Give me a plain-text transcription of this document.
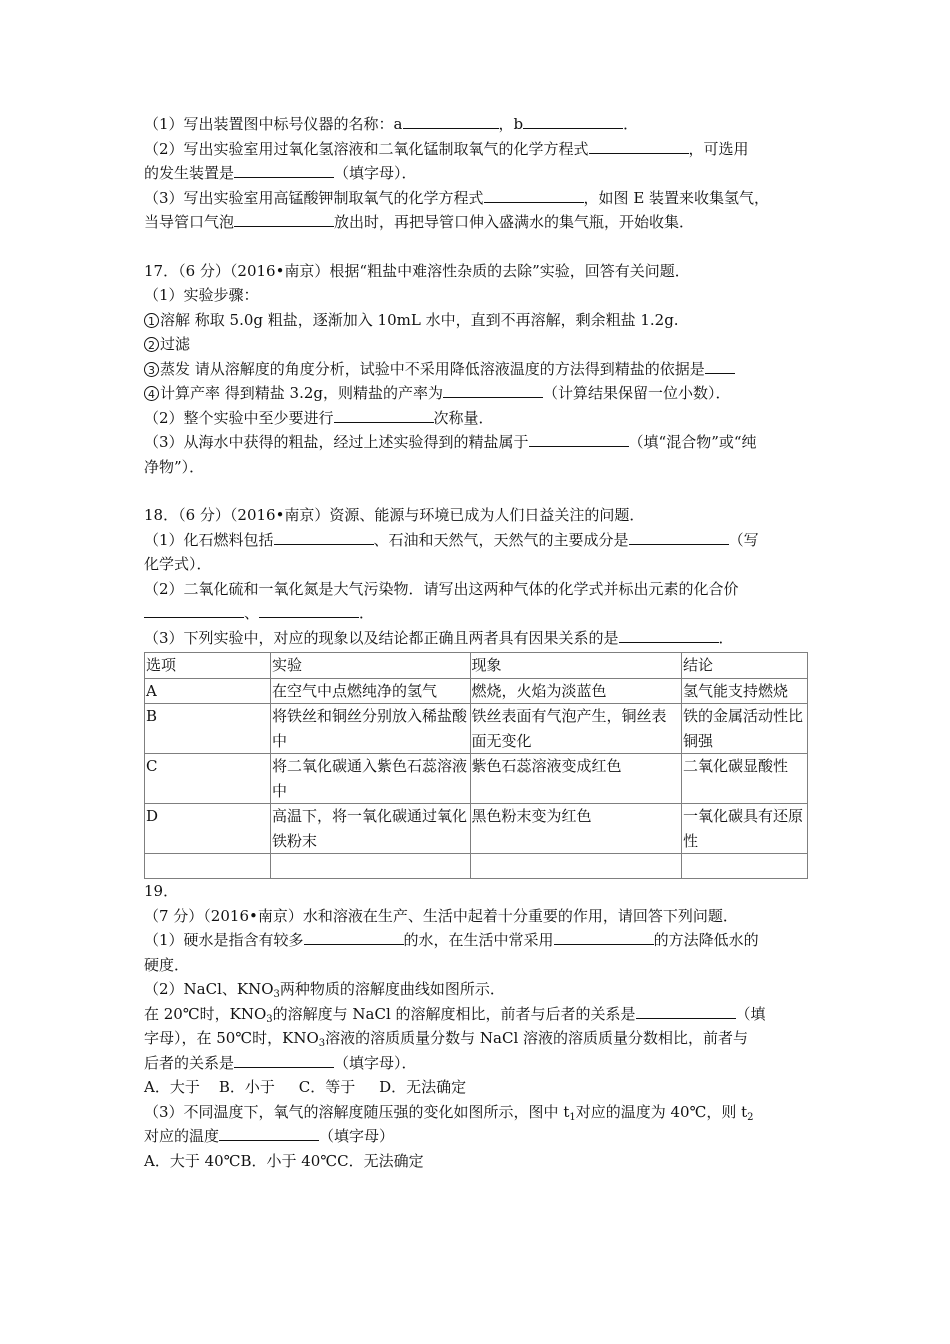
（1）写出装置图中标号仪器的名称：a	，b	．
（2）写出实验室用过氧化氢溶液和二氧化锰制取氧气的化学方程式	，可选用
的发生装置是	（填字母）．
（3）写出实验室用高锰酸钾制取氧气的化学方程式	，如图 E 装置来收集氢气，
当导管口气泡	放出时，再把导管口伸入盛满水的集气瓶，开始收集．
17．（6 分）（2016•南京）根据“粗盐中难溶性杂质的去除”实验，回答有关问题．
（1）实验步骤：
1 溶解 称取 5.0g 粗盐，逐渐加入 10mL 水中，直到不再溶解，剩余粗盐 1.2g.
2 过滤
3 蒸发 请从溶解度的角度分析，试验中不采用降低溶液温度的方法得到精盐的依据是
4 计算产率 得到精盐 3.2g，则精盐的产率为	（计算结果保留一位小数）．
（2）整个实验中至少要进行	次称量．
（3）从海水中获得的粗盐，经过上述实验得到的精盐属于	（填“混合物”或“纯
净物”）．
18．（6 分）（2016•南京）资源、能源与环境已成为人们日益关注的问题．
（1）化石燃料包括	、石油和天然气，天然气的主要成分是	（写
化学式）．
（2）二氧化硫和一氧化氮是大气污染物．请写出这两种气体的化学式并标出元素的化合价
、	．
（3）下列实验中，对应的现象以及结论都正确且两者具有因果关系的是	．
选项	实验	现象	结论
A	在空气中点燃纯净的氢气	燃烧，火焰为淡蓝色	氢气能支持燃烧
B	将铁丝和铜丝分别放入稀盐酸中	铁丝表面有气泡产生，铜丝表面无变化	铁的金属活动性比铜强
C	将二氧化碳通入紫色石蕊溶液中	紫色石蕊溶液变成红色	二氧化碳显酸性
D	高温下，将一氧化碳通过氧化铁粉末	黑色粉末变为红色	一氧化碳具有还原性

19．
（7 分）（2016•南京）水和溶液在生产、生活中起着十分重要的作用，请回答下列问题．
（1）硬水是指含有较多	的水，在生活中常采用	的方法降低水的
硬度．
（2）NaCl、$KNO_3$两种物质的溶解度曲线如图所示．
在 20℃时，$KNO_3$的溶解度与 NaCl 的溶解度相比，前者与后者的关系是	（填
字母），在 50℃时，$KNO_3$溶液的溶质质量分数与 NaCl 溶液的溶质质量分数相比，前者与
后者的关系是	（填字母）．
A．大于    B．小于     C．等于     D．无法确定
（3）不同温度下，氧气的溶解度随压强的变化如图所示，图中 $t_1$对应的温度为 40℃，则 $t_2$
对应的温度	（填字母）
A．大于 40℃B．小于 40℃C．无法确定
